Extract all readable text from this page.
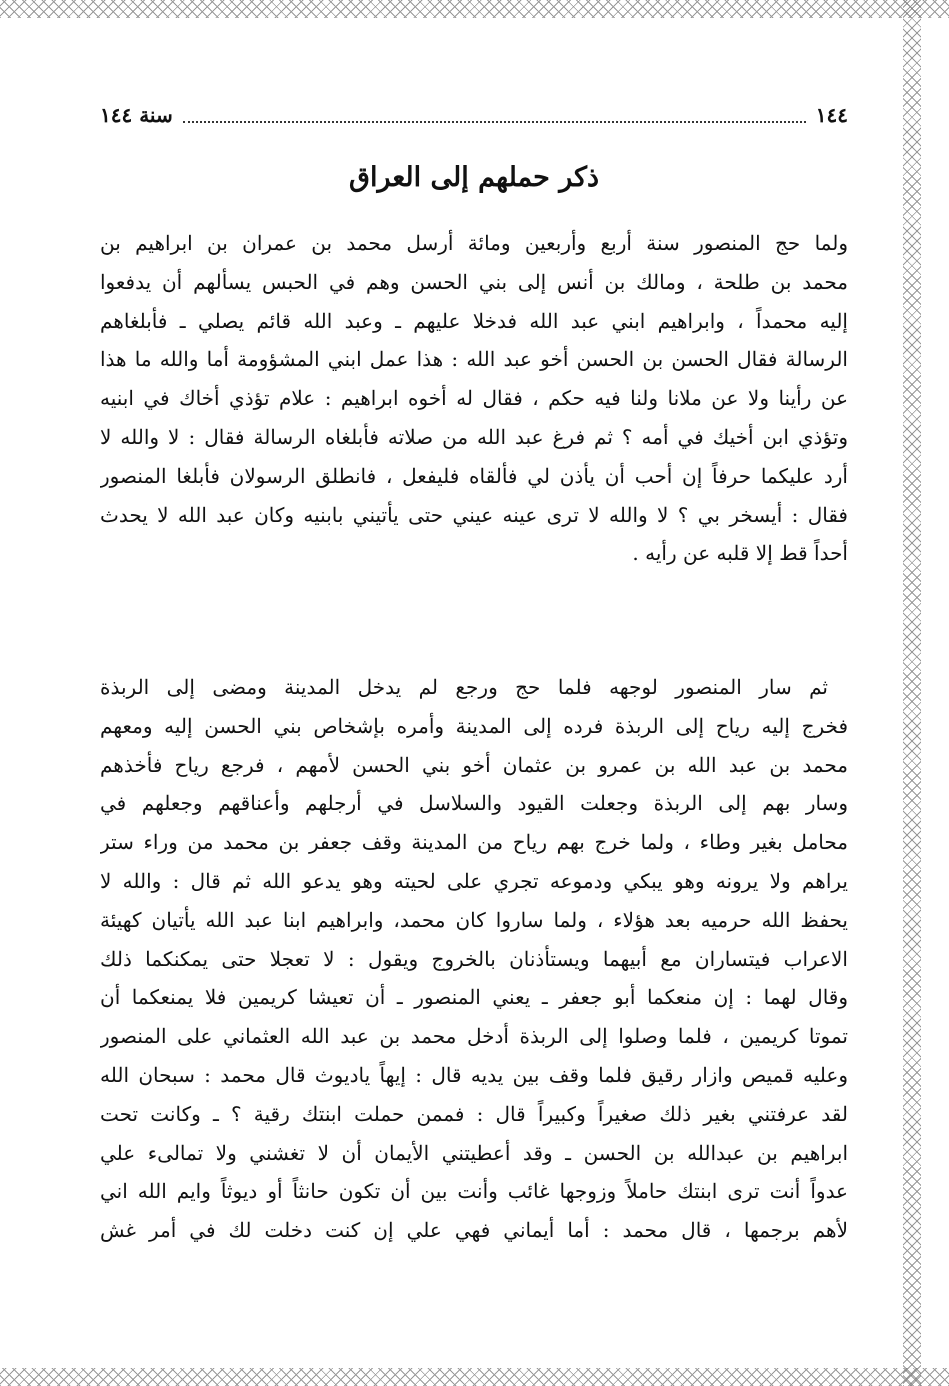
١٤٤
سنة ١٤٤
ذكر حملهم إلى العراق
ولما حج المنصور سنة أربع وأربعين ومائة أرسل محمد بن عمران بن ابراهيم بن
محمد بن طلحة ، ومالك بن أنس إلى بني الحسن وهم في الحبس يسألهم أن يدفعوا
إليه محمداً ، وابراهيم ابني عبد الله فدخلا عليهم ـ وعبد الله قائم يصلي ـ فأبلغاهم
الرسالة فقال الحسن بن الحسن أخو عبد الله : هذا عمل ابني المشؤومة أما والله ما هذا
عن رأينا ولا عن ملانا ولنا فيه حكم ، فقال له أخوه ابراهيم : علام تؤذي أخاك في ابنيه
وتؤذي ابن أخيك في أمه ؟ ثم فرغ عبد الله من صلاته فأبلغاه الرسالة فقال : لا والله لا
أرد عليكما حرفاً إن أحب أن يأذن لي فألقاه فليفعل ، فانطلق الرسولان فأبلغا المنصور
فقال : أيسخر بي ؟ لا والله لا ترى عينه عيني حتى يأتيني بابنيه وكان عبد الله لا يحدث
أحداً قط إلا قلبه عن رأيه .
ثم سار المنصور لوجهه فلما حج ورجع لم يدخل المدينة ومضى إلى الربذة
فخرج إليه رياح إلى الربذة فرده إلى المدينة وأمره بإشخاص بني الحسن إليه ومعهم
محمد بن عبد الله بن عمرو بن عثمان أخو بني الحسن لأمهم ، فرجع رياح فأخذهم
وسار بهم إلى الربذة وجعلت القيود والسلاسل في أرجلهم وأعناقهم وجعلهم في
محامل بغير وطاء ، ولما خرج بهم رياح من المدينة وقف جعفر بن محمد من وراء ستر
يراهم ولا يرونه وهو يبكي ودموعه تجري على لحيته وهو يدعو الله ثم قال : والله لا
يحفظ الله حرميه بعد هؤلاء ، ولما ساروا كان محمد، وابراهيم ابنا عبد الله يأتيان كهيئة
الاعراب فيتساران مع أبيهما ويستأذنان بالخروج ويقول : لا تعجلا حتى يمكنكما ذلك
وقال لهما : إن منعكما أبو جعفر ـ يعني المنصور ـ أن تعيشا كريمين فلا يمنعكما أن
تموتا كريمين ، فلما وصلوا إلى الربذة أدخل محمد بن عبد الله العثماني على المنصور
وعليه قميص وازار رقيق فلما وقف بين يديه قال : إيهاً ياديوث قال محمد : سبحان الله
لقد عرفتني بغير ذلك صغيراً وكبيراً قال : فممن حملت ابنتك رقية ؟ ـ وكانت تحت
ابراهيم بن عبدالله بن الحسن ـ وقد أعطيتني الأيمان أن لا تغشني ولا تمالىء علي
عدواً أنت ترى ابنتك حاملاً وزوجها غائب وأنت بين أن تكون حانثاً أو ديوثاً وايم الله اني
لأهم برجمها ، قال محمد : أما أيماني فهي علي إن كنت دخلت لك في أمر غش
